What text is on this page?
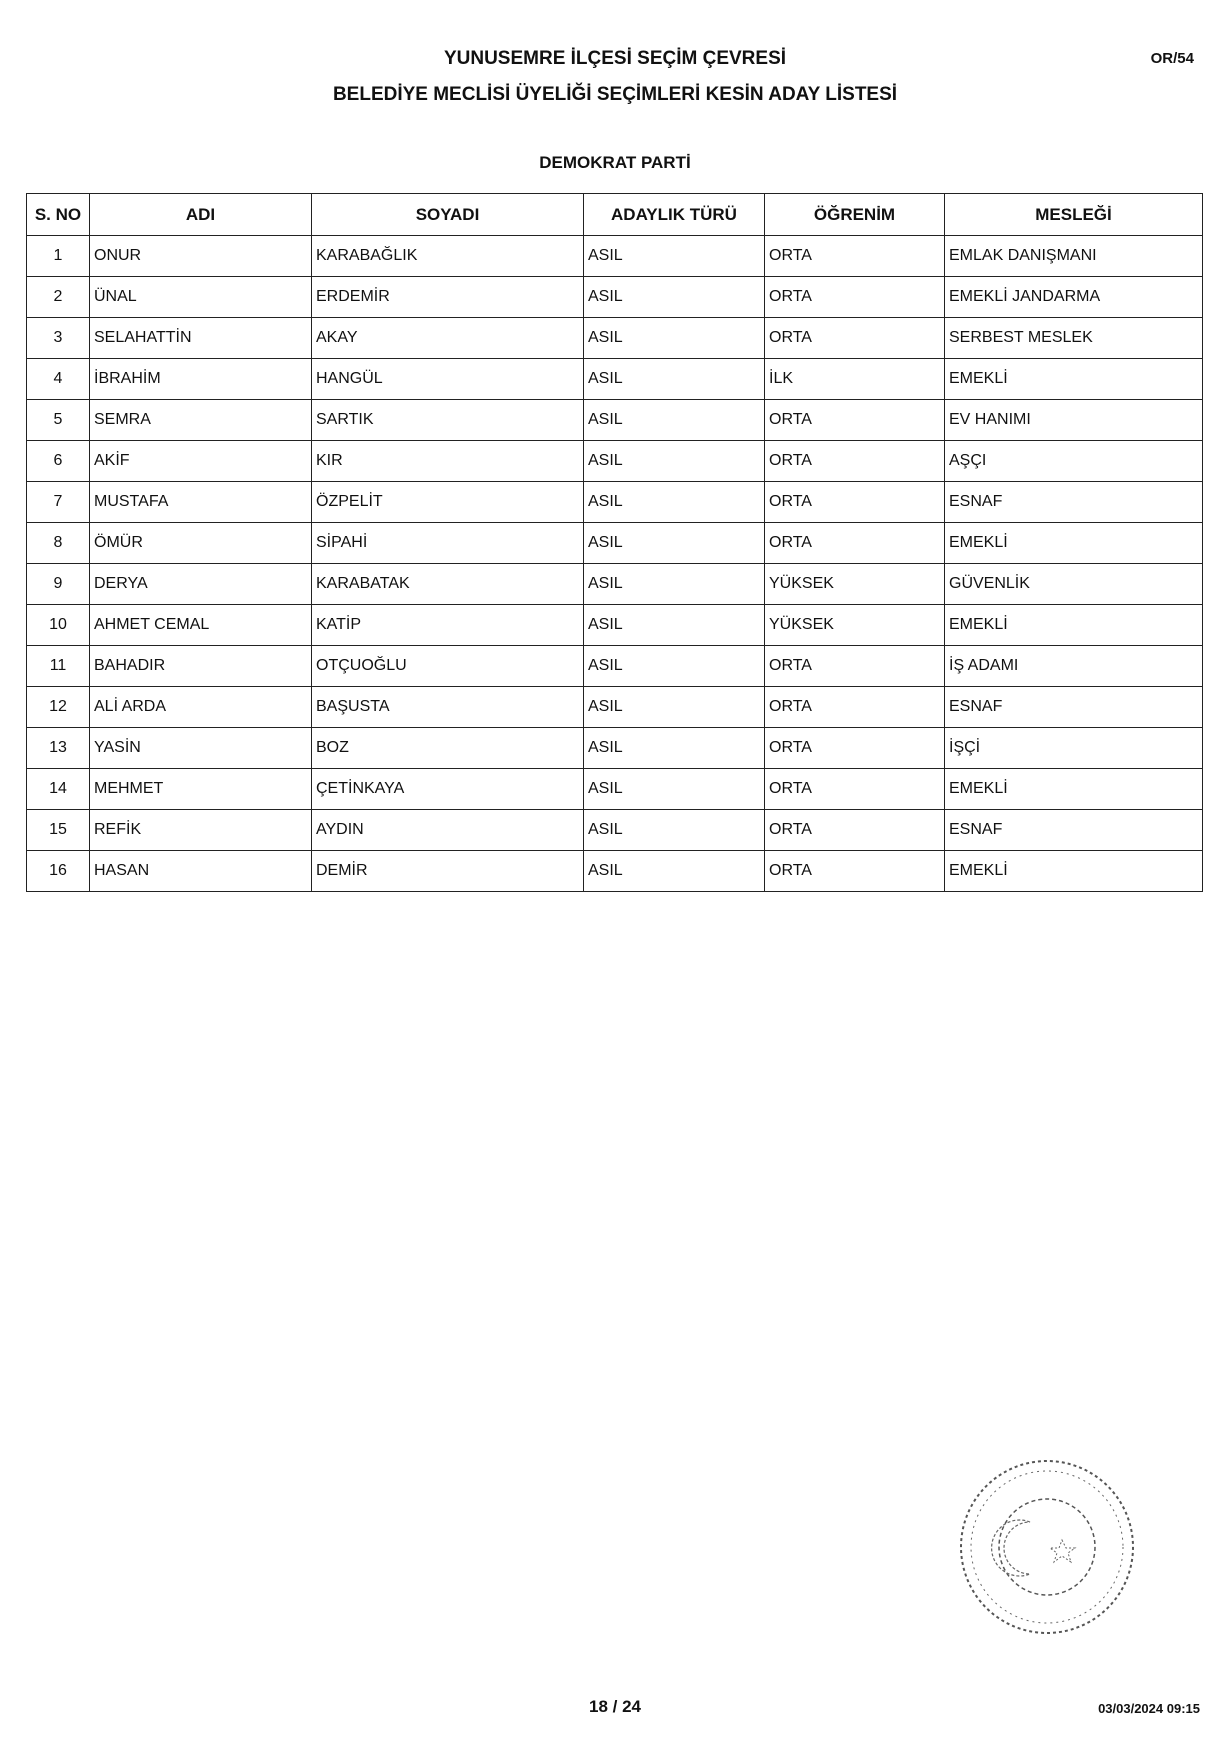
OR/54
YUNUSEMRE İLÇESİ SEÇİM ÇEVRESİ
BELEDİYE MECLİSİ ÜYELİĞİ SEÇİMLERİ KESİN ADAY LİSTESİ
DEMOKRAT PARTİ
S. NO	ADI	SOYADI	ADAYLIK TÜRÜ	ÖĞRENİM	MESLEĞİ
1	ONUR	KARABAĞLIK	ASIL	ORTA	EMLAK DANIŞMANI
2	ÜNAL	ERDEMİR	ASIL	ORTA	EMEKLİ JANDARMA
3	SELAHATTİN	AKAY	ASIL	ORTA	SERBEST MESLEK
4	İBRAHİM	HANGÜL	ASIL	İLK	EMEKLİ
5	SEMRA	SARTIK	ASIL	ORTA	EV HANIMI
6	AKİF	KIR	ASIL	ORTA	AŞÇI
7	MUSTAFA	ÖZPELİT	ASIL	ORTA	ESNAF
8	ÖMÜR	SİPAHİ	ASIL	ORTA	EMEKLİ
9	DERYA	KARABATAK	ASIL	YÜKSEK	GÜVENLİK
10	AHMET CEMAL	KATİP	ASIL	YÜKSEK	EMEKLİ
11	BAHADIR	OTÇUOĞLU	ASIL	ORTA	İŞ ADAMI
12	ALİ ARDA	BAŞUSTA	ASIL	ORTA	ESNAF
13	YASİN	BOZ	ASIL	ORTA	İŞÇİ
14	MEHMET	ÇETİNKAYA	ASIL	ORTA	EMEKLİ
15	REFİK	AYDIN	ASIL	ORTA	ESNAF
16	HASAN	DEMİR	ASIL	ORTA	EMEKLİ
18 / 24	03/03/2024 09:15
